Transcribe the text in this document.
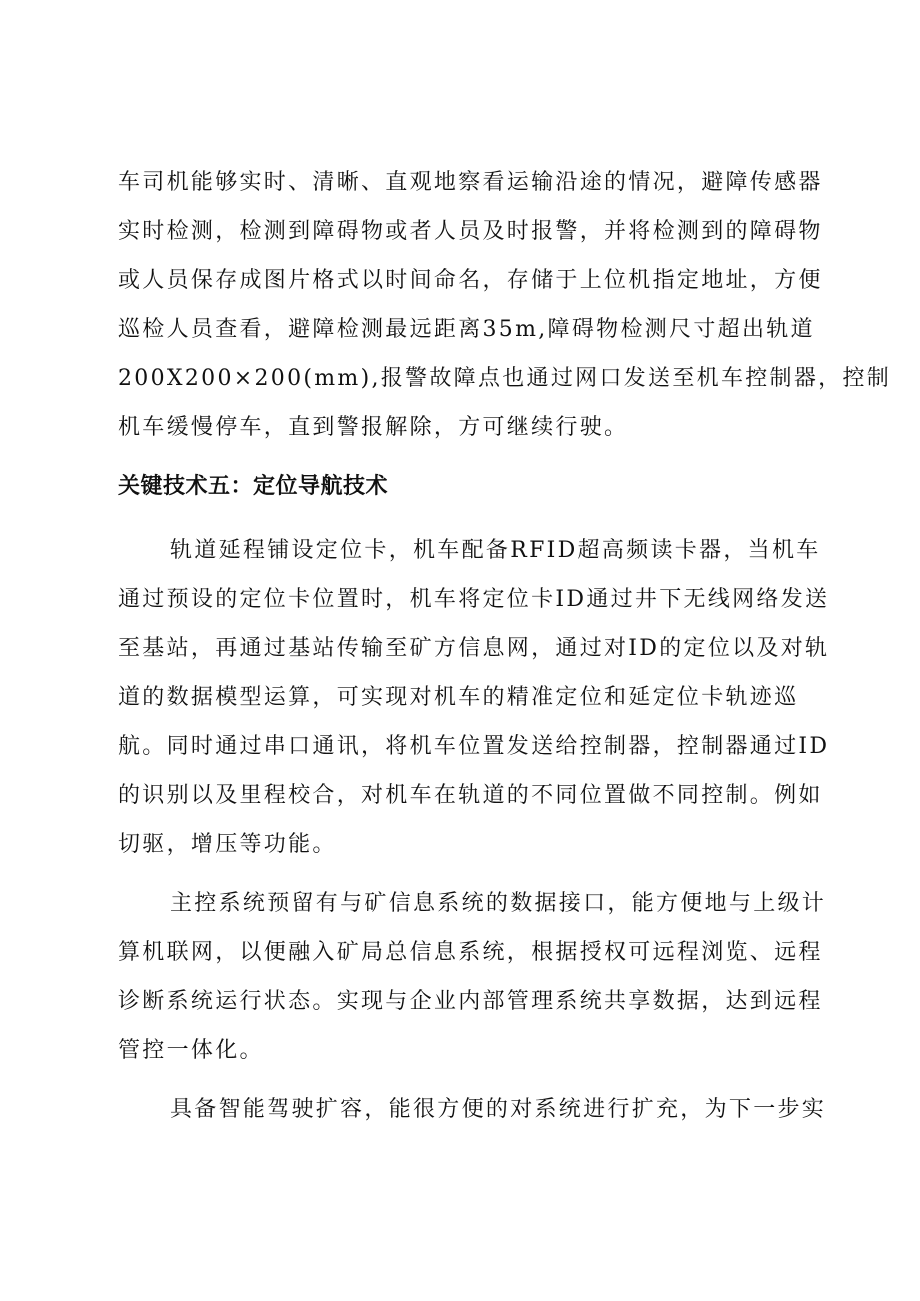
车司机能够实时、清晰、直观地察看运输沿途的情况，避障传感器
实时检测，检测到障碍物或者人员及时报警，并将检测到的障碍物
或人员保存成图片格式以时间命名，存储于上位机指定地址，方便
巡检人员查看，避障检测最远距离35m,障碍物检测尺寸超出轨道
200X200×200(mm),报警故障点也通过网口发送至机车控制器，控制
机车缓慢停车，直到警报解除，方可继续行驶。
关键技术五：定位导航技术
轨道延程铺设定位卡，机车配备RFID超高频读卡器，当机车
通过预设的定位卡位置时，机车将定位卡ID通过井下无线网络发送
至基站，再通过基站传输至矿方信息网，通过对ID的定位以及对轨
道的数据模型运算，可实现对机车的精准定位和延定位卡轨迹巡
航。同时通过串口通讯，将机车位置发送给控制器，控制器通过ID
的识别以及里程校合，对机车在轨道的不同位置做不同控制。例如
切驱，增压等功能。
主控系统预留有与矿信息系统的数据接口，能方便地与上级计
算机联网，以便融入矿局总信息系统，根据授权可远程浏览、远程
诊断系统运行状态。实现与企业内部管理系统共享数据，达到远程
管控一体化。
具备智能驾驶扩容，能很方便的对系统进行扩充，为下一步实
